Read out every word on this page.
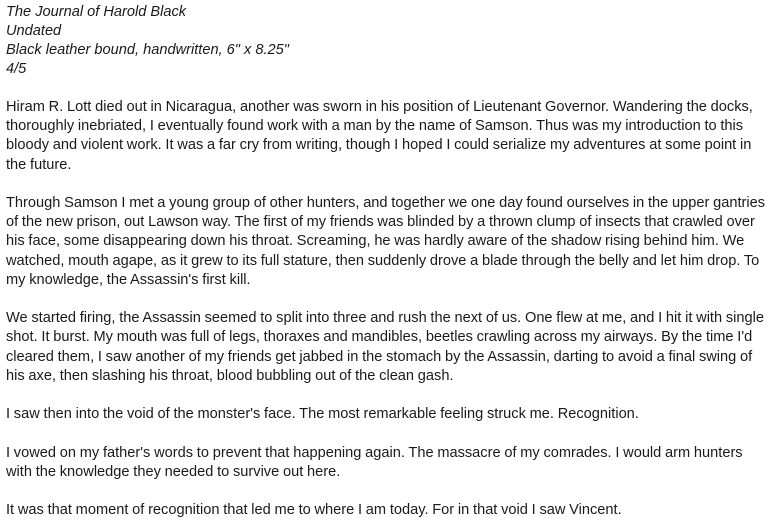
The Journal of Harold Black
Undated
Black leather bound, handwritten, 6" x 8.25"
4/5

Hiram R. Lott died out in Nicaragua, another was sworn in his position of Lieutenant Governor. Wandering the docks, thoroughly inebriated, I eventually found work with a man by the name of Samson. Thus was my introduction to this bloody and violent work. It was a far cry from writing, though I hoped I could serialize my adventures at some point in the future.

Through Samson I met a young group of other hunters, and together we one day found ourselves in the upper gantries of the new prison, out Lawson way. The first of my friends was blinded by a thrown clump of insects that crawled over his face, some disappearing down his throat. Screaming, he was hardly aware of the shadow rising behind him. We watched, mouth agape, as it grew to its full stature, then suddenly drove a blade through the belly and let him drop. To my knowledge, the Assassin's first kill.

We started firing, the Assassin seemed to split into three and rush the next of us. One flew at me, and I hit it with single shot. It burst. My mouth was full of legs, thoraxes and mandibles, beetles crawling across my airways. By the time I'd cleared them, I saw another of my friends get jabbed in the stomach by the Assassin, darting to avoid a final swing of his axe, then slashing his throat, blood bubbling out of the clean gash.

I saw then into the void of the monster's face. The most remarkable feeling struck me. Recognition.

I vowed on my father's words to prevent that happening again. The massacre of my comrades. I would arm hunters with the knowledge they needed to survive out here.

It was that moment of recognition that led me to where I am today. For in that void I saw Vincent.
